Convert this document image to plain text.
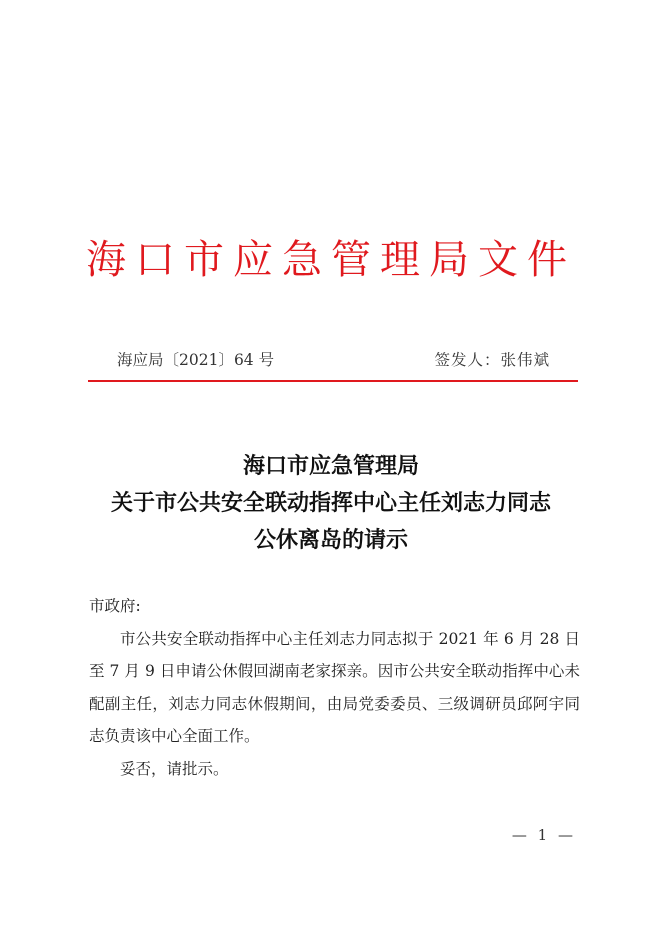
海口市应急管理局文件
海应局〔2021〕64 号	签发人：张伟斌
海口市应急管理局
关于市公共安全联动指挥中心主任刘志力同志
公休离岛的请示

市政府:

市公共安全联动指挥中心主任刘志力同志拟于 2021 年 6 月 28 日至 7 月 9 日申请公休假回湖南老家探亲。因市公共安全联动指挥中心未配副主任，刘志力同志休假期间，由局党委委员、三级调研员邱阿宇同志负责该中心全面工作。

妥否，请批示。

— 1 —
